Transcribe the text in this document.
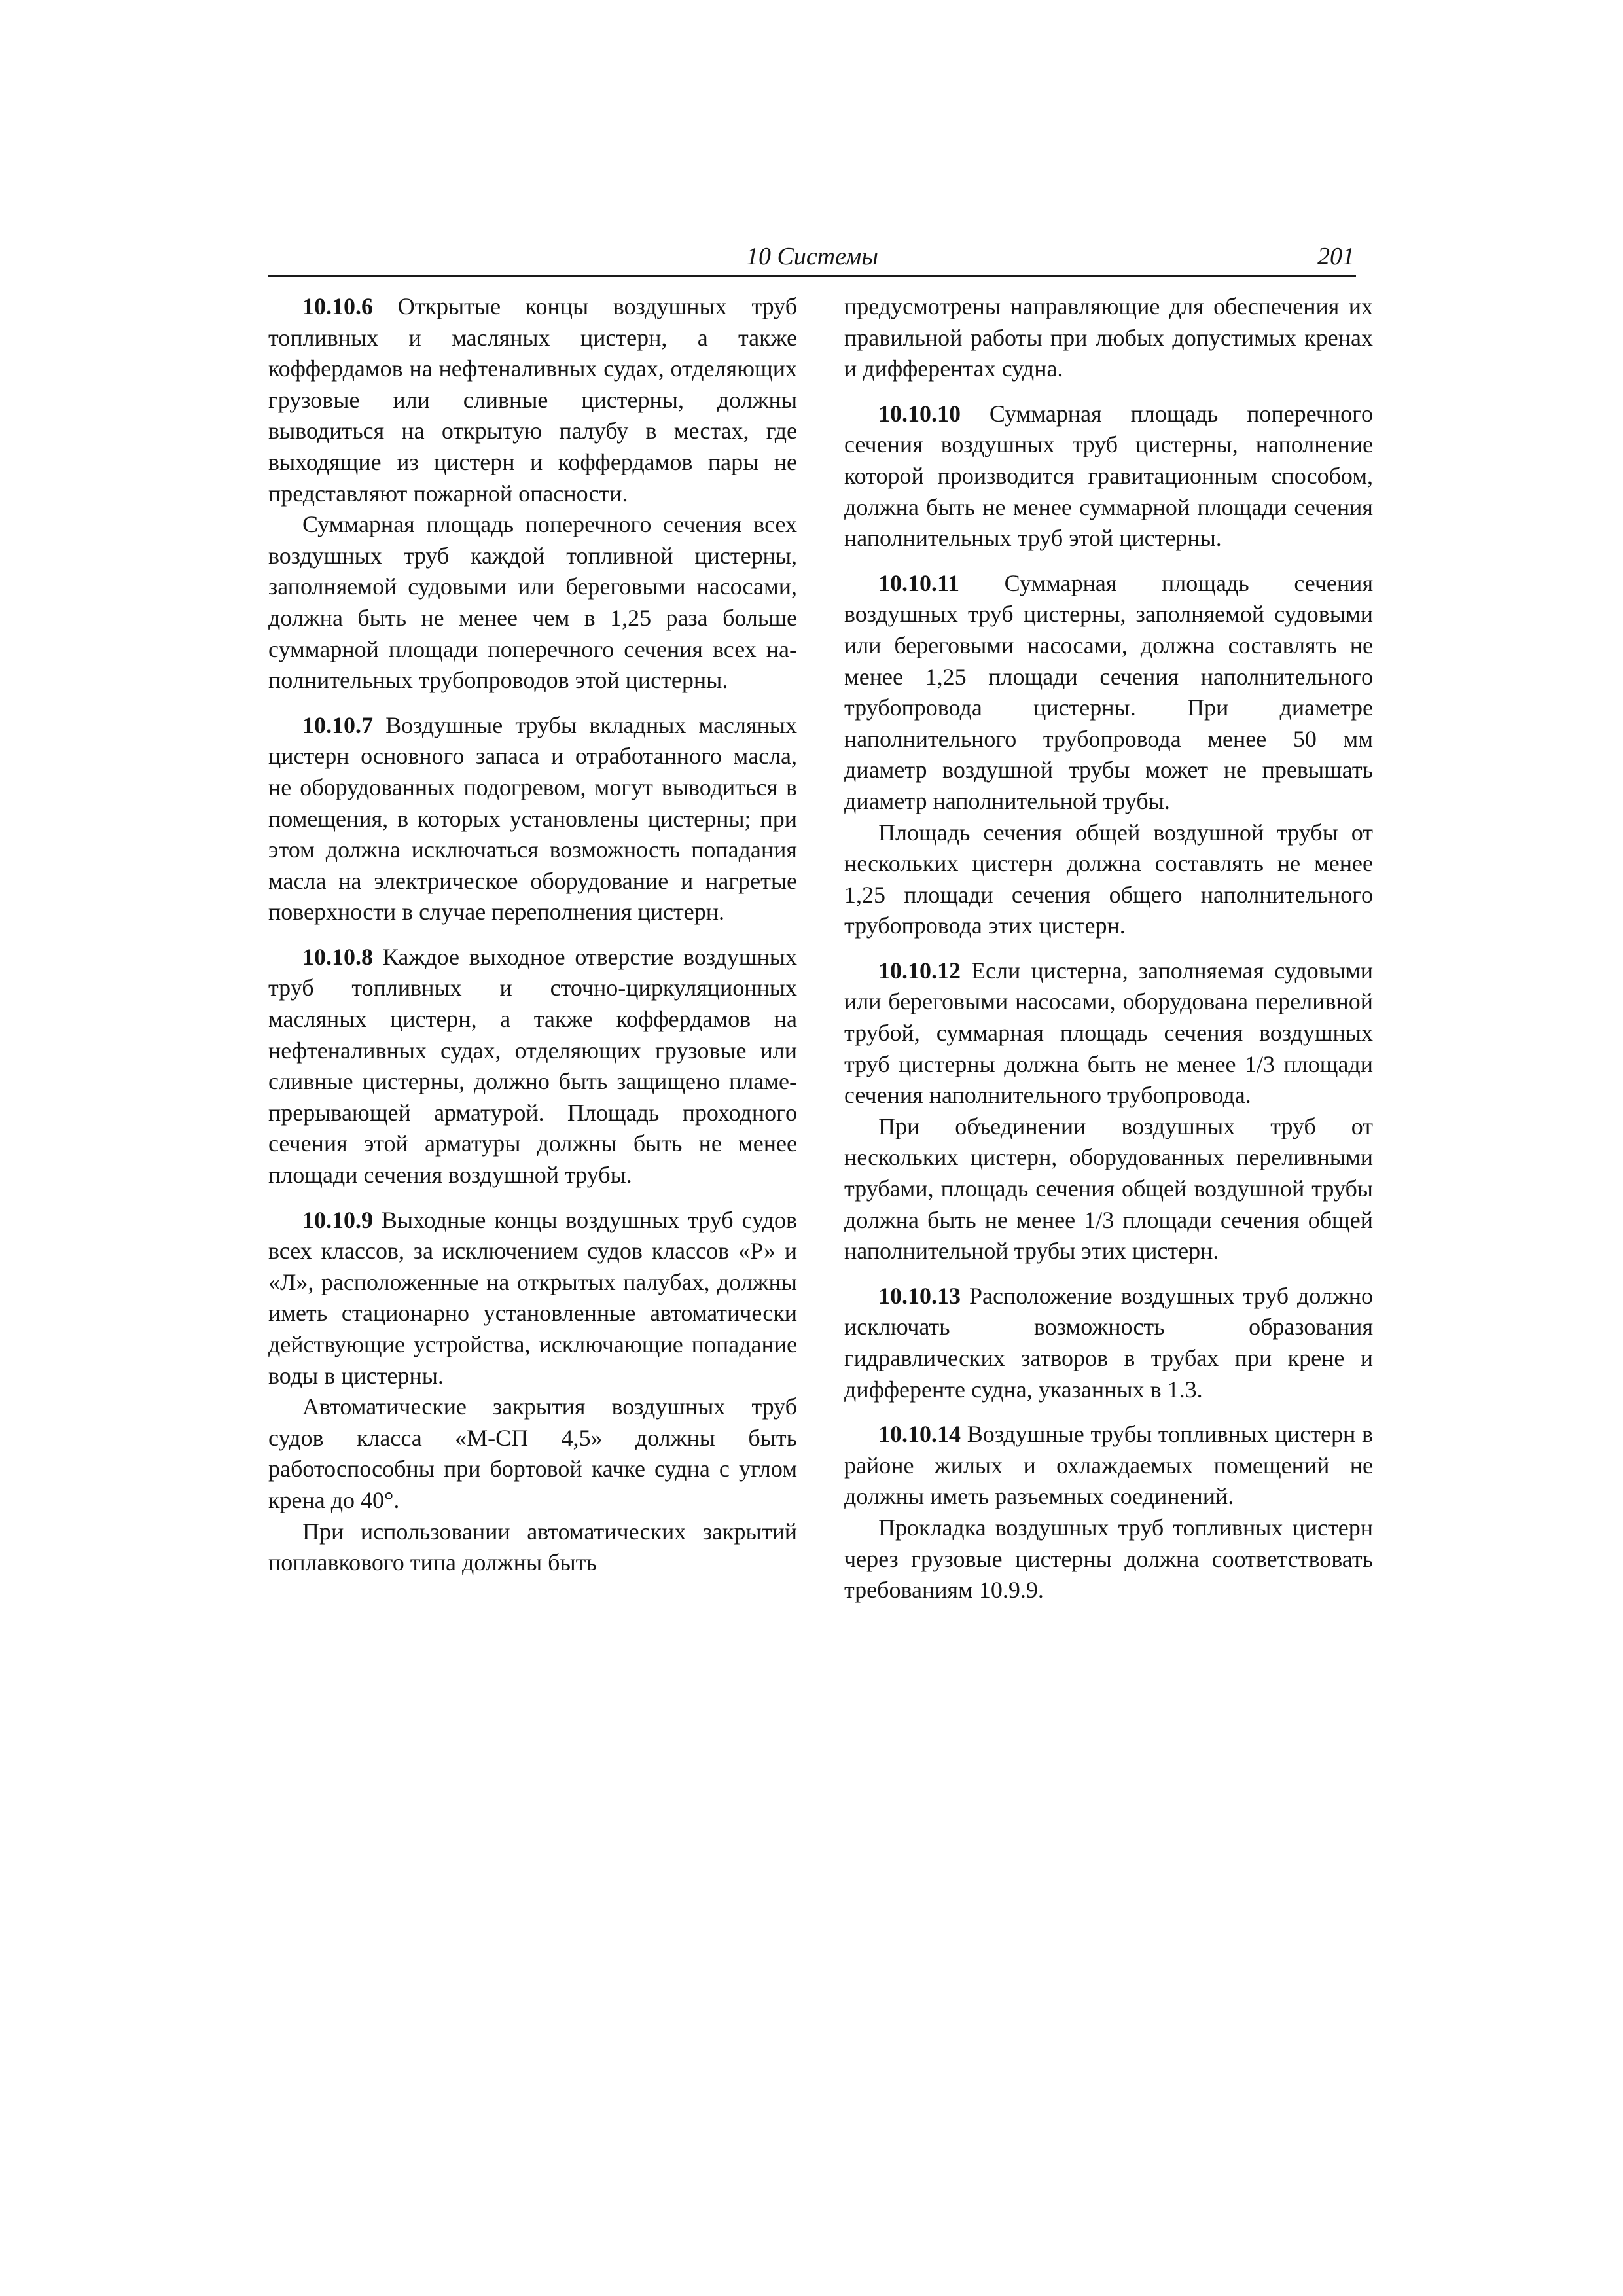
10 Системы	201

10.10.6 Открытые концы воздушных труб топливных и масляных цистерн, а также коффердамов на нефтеналивных судах, отделяющих грузовые или сливные цистерны, должны выводиться на открытую палубу в местах, где выходящие из цистерн и коффердамов пары не представляют пожарной опасности.

Суммарная площадь поперечного сечения всех воздушных труб каждой топливной цистерны, заполняемой судовыми или береговыми насосами, должна быть не менее чем в 1,25 раза больше суммарной площади поперечного сечения всех наполнительных трубопроводов этой цистерны.

10.10.7 Воздушные трубы вкладных масляных цистерн основного запаса и отработанного масла, не оборудованных подогревом, могут выводиться в помещения, в которых установлены цистерны; при этом должна исключаться возможность попадания масла на электрическое оборудование и нагретые поверхности в случае переполнения цистерн.

10.10.8 Каждое выходное отверстие воздушных труб топливных и сточно-циркуляционных масляных цистерн, а также коффердамов на нефтеналивных судах, отделяющих грузовые или сливные цистерны, должно быть защищено пламепрерывающей арматурой. Площадь проходного сечения этой арматуры должны быть не менее площади сечения воздушной трубы.

10.10.9 Выходные концы воздушных труб судов всех классов, за исключением судов классов «Р» и «Л», расположенные на открытых палубах, должны иметь стационарно установленные автоматически действующие устройства, исключающие попадание воды в цистерны.

Автоматические закрытия воздушных труб судов класса «М-СП 4,5» должны быть работоспособны при бортовой качке судна с углом крена до 40°.

При использовании автоматических закрытий поплавкового типа должны быть

предусмотрены направляющие для обеспечения их правильной работы при любых допустимых кренах и дифферентах судна.

10.10.10 Суммарная площадь поперечного сечения воздушных труб цистерны, наполнение которой производится гравитационным способом, должна быть не менее суммарной площади сечения наполнительных труб этой цистерны.

10.10.11 Суммарная площадь сечения воздушных труб цистерны, заполняемой судовыми или береговыми насосами, должна составлять не менее 1,25 площади сечения наполнительного трубопровода цистерны. При диаметре наполнительного трубопровода менее 50 мм диаметр воздушной трубы может не превышать диаметр наполнительной трубы.

Площадь сечения общей воздушной трубы от нескольких цистерн должна составлять не менее 1,25 площади сечения общего наполнительного трубопровода этих цистерн.

10.10.12 Если цистерна, заполняемая судовыми или береговыми насосами, оборудована переливной трубой, суммарная площадь сечения воздушных труб цистерны должна быть не менее 1/3 площади сечения наполнительного трубопровода.

При объединении воздушных труб от нескольких цистерн, оборудованных переливными трубами, площадь сечения общей воздушной трубы должна быть не менее 1/3 площади сечения общей наполнительной трубы этих цистерн.

10.10.13 Расположение воздушных труб должно исключать возможность образования гидравлических затворов в трубах при крене и дифференте судна, указанных в 1.3.

10.10.14 Воздушные трубы топливных цистерн в районе жилых и охлаждаемых помещений не должны иметь разъемных соединений.

Прокладка воздушных труб топливных цистерн через грузовые цистерны должна соответствовать требованиям 10.9.9.
